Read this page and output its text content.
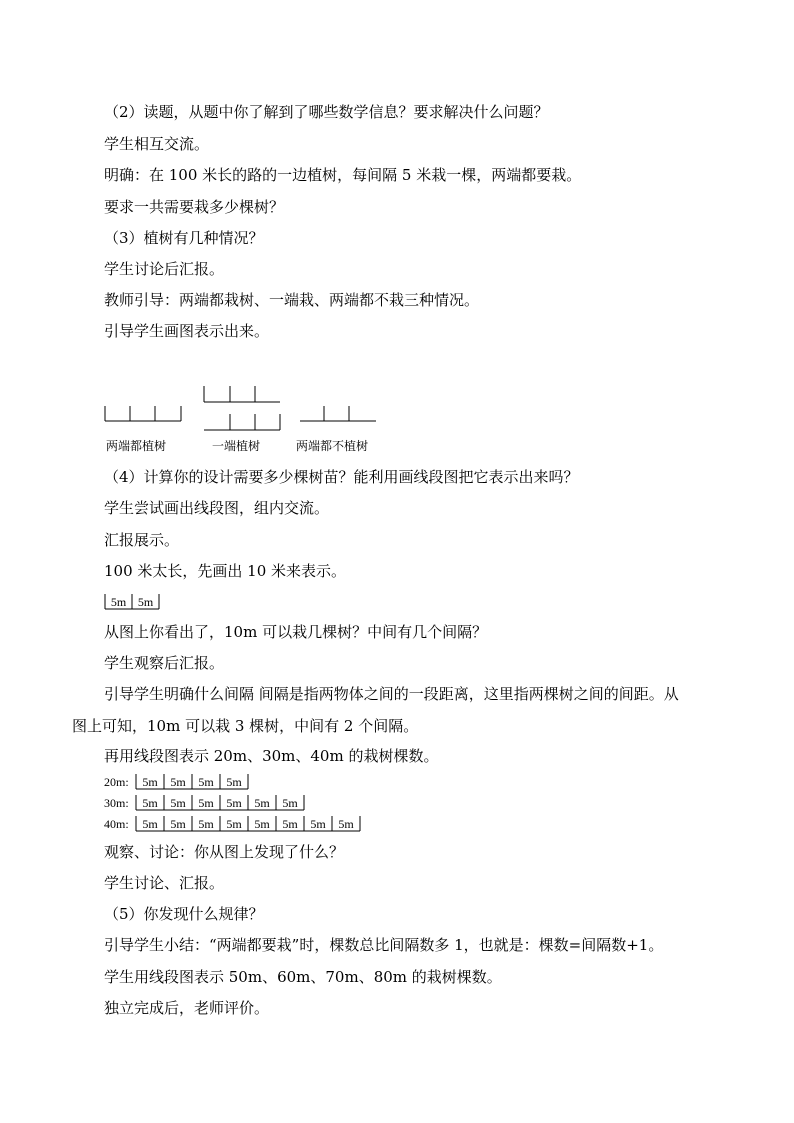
（2）读题，从题中你了解到了哪些数学信息？要求解决什么问题？
学生相互交流。
明确：在 100 米长的路的一边植树，每间隔 5 米栽一棵，两端都要栽。
要求一共需要栽多少棵树？
（3）植树有几种情况？
学生讨论后汇报。
教师引导：两端都栽树、一端栽、两端都不栽三种情况。
引导学生画图表示出来。
两端都植树	一端植树	两端都不植树
（4）计算你的设计需要多少棵树苗？能利用画线段图把它表示出来吗？
学生尝试画出线段图，组内交流。
汇报展示。
100 米太长，先画出 10 米来表示。
5m 5m
从图上你看出了，10m 可以栽几棵树？中间有几个间隔？
学生观察后汇报。
引导学生明确什么间隔 间隔是指两物体之间的一段距离，这里指两棵树之间的间距。从
图上可知，10m 可以栽 3 棵树，中间有 2 个间隔。
再用线段图表示 20m、30m、40m 的栽树棵数。
20m: 5m 5m 5m 5m
30m: 5m 5m 5m 5m 5m 5m
40m: 5m 5m 5m 5m 5m 5m 5m 5m
观察、讨论：你从图上发现了什么？
学生讨论、汇报。
（5）你发现什么规律？
引导学生小结：“两端都要栽”时，棵数总比间隔数多 1，也就是：棵数=间隔数+1。
学生用线段图表示 50m、60m、70m、80m 的栽树棵数。
独立完成后，老师评价。
